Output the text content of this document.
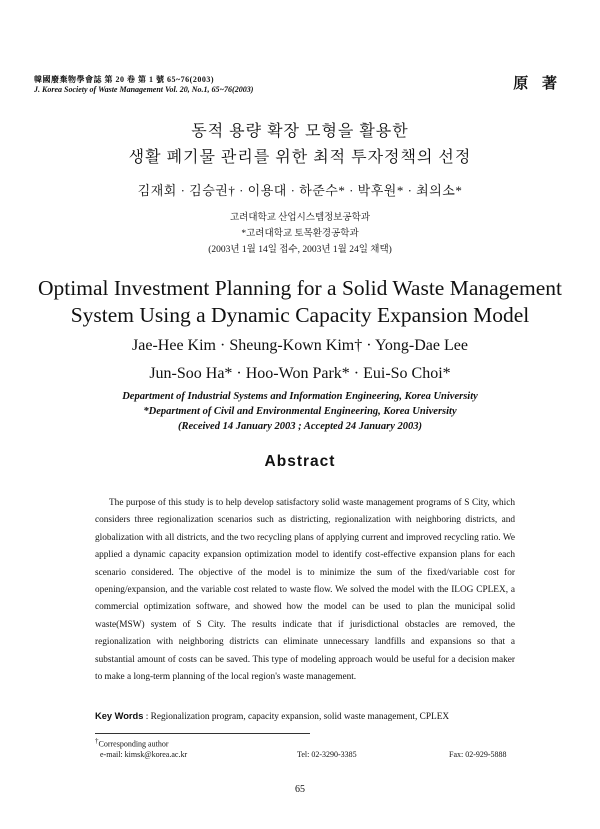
韓國廢棄物學會誌 第 20 卷 第 1 號 65~76(2003)
J. Korea Society of Waste Management Vol. 20, No.1, 65~76(2003)	原 著
동적 용량 확장 모형을 활용한
생활 폐기물 관리를 위한 최적 투자정책의 선정
김재회 · 김승권† · 이용대 · 하준수* · 박후원* · 최의소*
고려대학교 산업시스템정보공학과
*고려대학교 토목환경공학과
(2003년 1월 14일 접수, 2003년 1월 24일 채택)
Optimal Investment Planning for a Solid Waste Management
System Using a Dynamic Capacity Expansion Model
Jae-Hee Kim · Sheung-Kown Kim† · Yong-Dae Lee
Jun-Soo Ha* · Hoo-Won Park* · Eui-So Choi*
Department of Industrial Systems and Information Engineering, Korea University
*Department of Civil and Environmental Engineering, Korea University
(Received 14 January 2003 ; Accepted 24 January 2003)
Abstract
The purpose of this study is to help develop satisfactory solid waste management programs of S City, which considers three regionalization scenarios such as districting, regionalization with neighboring districts, and globalization with all districts, and the two recycling plans of applying current and improved recycling ratio. We applied a dynamic capacity expansion optimization model to identify cost-effective expansion plans for each scenario considered. The objective of the model is to minimize the sum of the fixed/variable cost for opening/expansion, and the variable cost related to waste flow. We solved the model with the ILOG CPLEX, a commercial optimization software, and showed how the model can be used to plan the municipal solid waste(MSW) system of S City. The results indicate that if jurisdictional obstacles are removed, the regionalization with neighboring districts can eliminate unnecessary landfills and expansions so that a substantial amount of costs can be saved. This type of modeling approach would be useful for a decision maker to make a long-term planning of the local region's waste management.
Key Words : Regionalization program, capacity expansion, solid waste management, CPLEX
†Corresponding author
e-mail: kimsk@korea.ac.kr	Tel: 02-3290-3385	Fax: 02-929-5888
65
